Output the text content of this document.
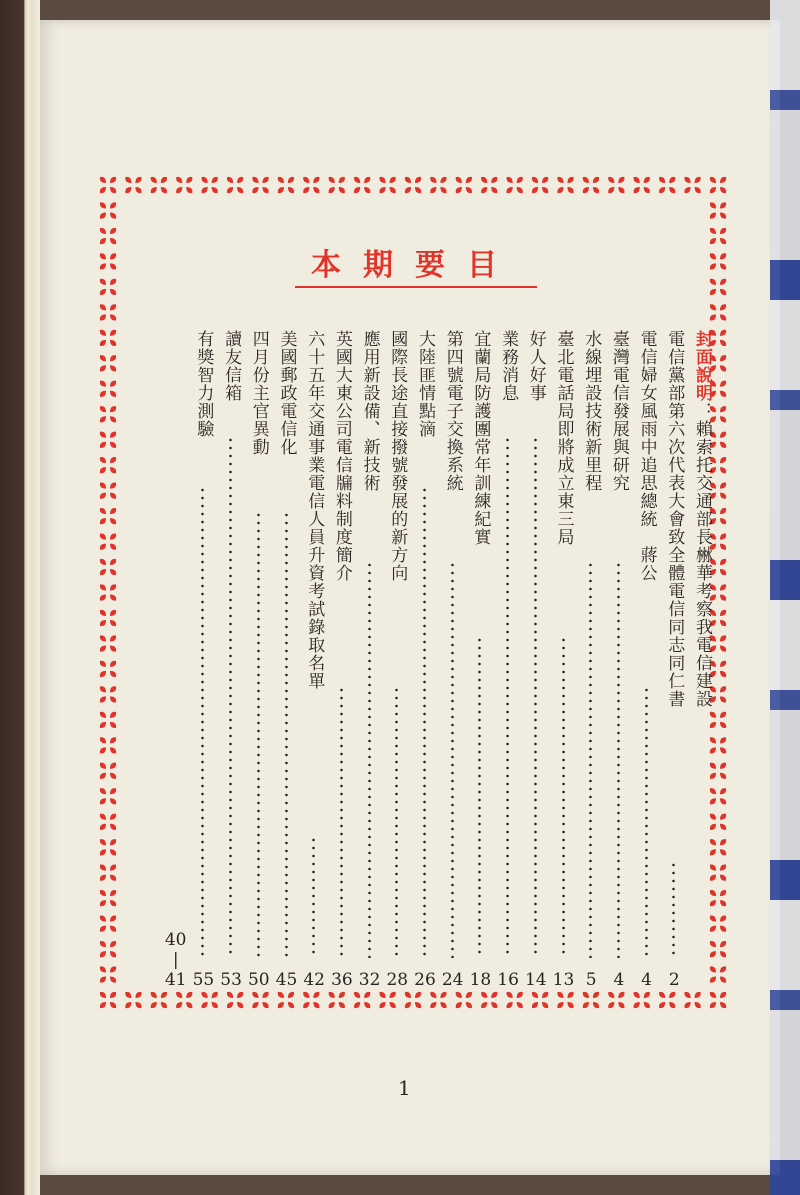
本期要目
封面說明：賴索托交通部長㴇華考察我電信建設
電信黨部第六次代表大會致全體電信同志同仁書
2
電信婦女風雨中追思總統　蔣公
4
臺灣電信發展與研究
4
水線埋設技術新里程
5
臺北電話局即將成立東三局
13
好人好事
14
業務消息
16
宜蘭局防護團常年訓練紀實
18
第四號電子交換系統
24
大陸匪情點滴
26
國際長途直接撥號發展的新方向
28
應用新設備、新技術
32
英國大東公司電信牖料制度簡介
36
六十五年交通事業電信人員升資考試錄取名單
42
美國郵政電信化
45
四月份主官異動
50
讀友信箱
53
有獎智力測驗
55
40
|
41
1
